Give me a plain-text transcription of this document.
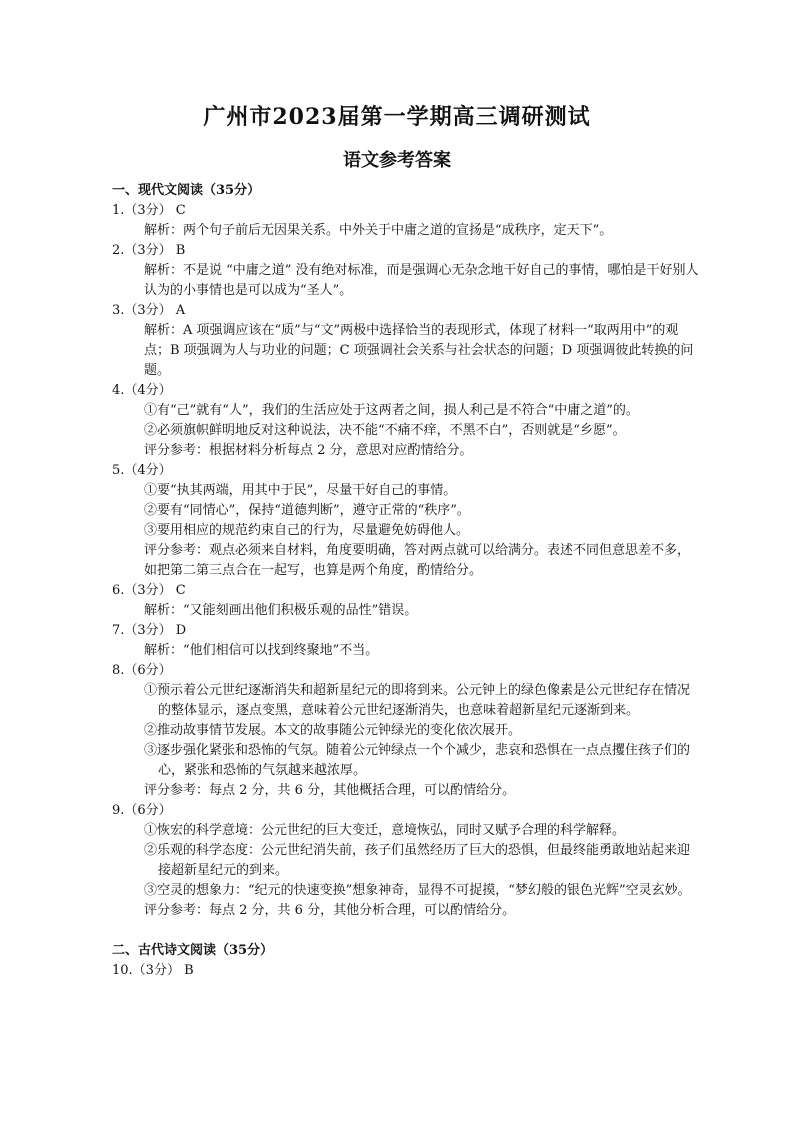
广州市2023届第一学期高三调研测试
语文参考答案
一、现代文阅读（35分）
1.（3分） C
解析：两个句子前后无因果关系。中外关于中庸之道的宣扬是“成秩序，定天下”。
2.（3分） B
解析：不是说 “中庸之道” 没有绝对标准，而是强调心无杂念地干好自己的事情，哪怕是干好别人认为的小事情也是可以成为“圣人”。
3.（3分） A
解析：A 项强调应该在“质”与“文”两极中选择恰当的表现形式，体现了材料一“取两用中”的观点；B 项强调为人与功业的问题；C 项强调社会关系与社会状态的问题；D 项强调彼此转换的问题。
4.（4分）
①有“己”就有“人”，我们的生活应处于这两者之间，损人利己是不符合“中庸之道”的。
②必须旗帜鲜明地反对这种说法，决不能“不痛不痒，不黑不白”，否则就是“乡愿”。
评分参考：根据材料分析每点 2 分，意思对应酌情给分。
5.（4分）
①要“执其两端，用其中于民”，尽量干好自己的事情。
②要有“同情心”，保持“道德判断”，遵守正常的“秩序”。
③要用相应的规范约束自己的行为，尽量避免妨碍他人。
评分参考：观点必须来自材料，角度要明确，答对两点就可以给满分。表述不同但意思差不多，如把第二第三点合在一起写，也算是两个角度，酌情给分。
6.（3分） C
解析：“又能刻画出他们积极乐观的品性”错误。
7.（3分） D
解析：“他们相信可以找到终聚地”不当。
8.（6分）
①预示着公元世纪逐渐消失和超新星纪元的即将到来。公元钟上的绿色像素是公元世纪存在情况的整体显示，逐点变黑，意味着公元世纪逐渐消失，也意味着超新星纪元逐渐到来。
②推动故事情节发展。本文的故事随公元钟绿光的变化依次展开。
③逐步强化紧张和恐怖的气氛。随着公元钟绿点一个个减少，悲哀和恐惧在一点点攫住孩子们的心，紧张和恐怖的气氛越来越浓厚。
评分参考：每点 2 分，共 6 分，其他概括合理，可以酌情给分。
9.（6分）
①恢宏的科学意境：公元世纪的巨大变迁，意境恢弘，同时又赋予合理的科学解释。
②乐观的科学态度：公元世纪消失前，孩子们虽然经历了巨大的恐惧，但最终能勇敢地站起来迎接超新星纪元的到来。
③空灵的想象力：“纪元的快速变换”想象神奇，显得不可捉摸，“梦幻般的银色光辉”空灵玄妙。
评分参考：每点 2 分，共 6 分，其他分析合理，可以酌情给分。
二、古代诗文阅读（35分）
10.（3分） B
